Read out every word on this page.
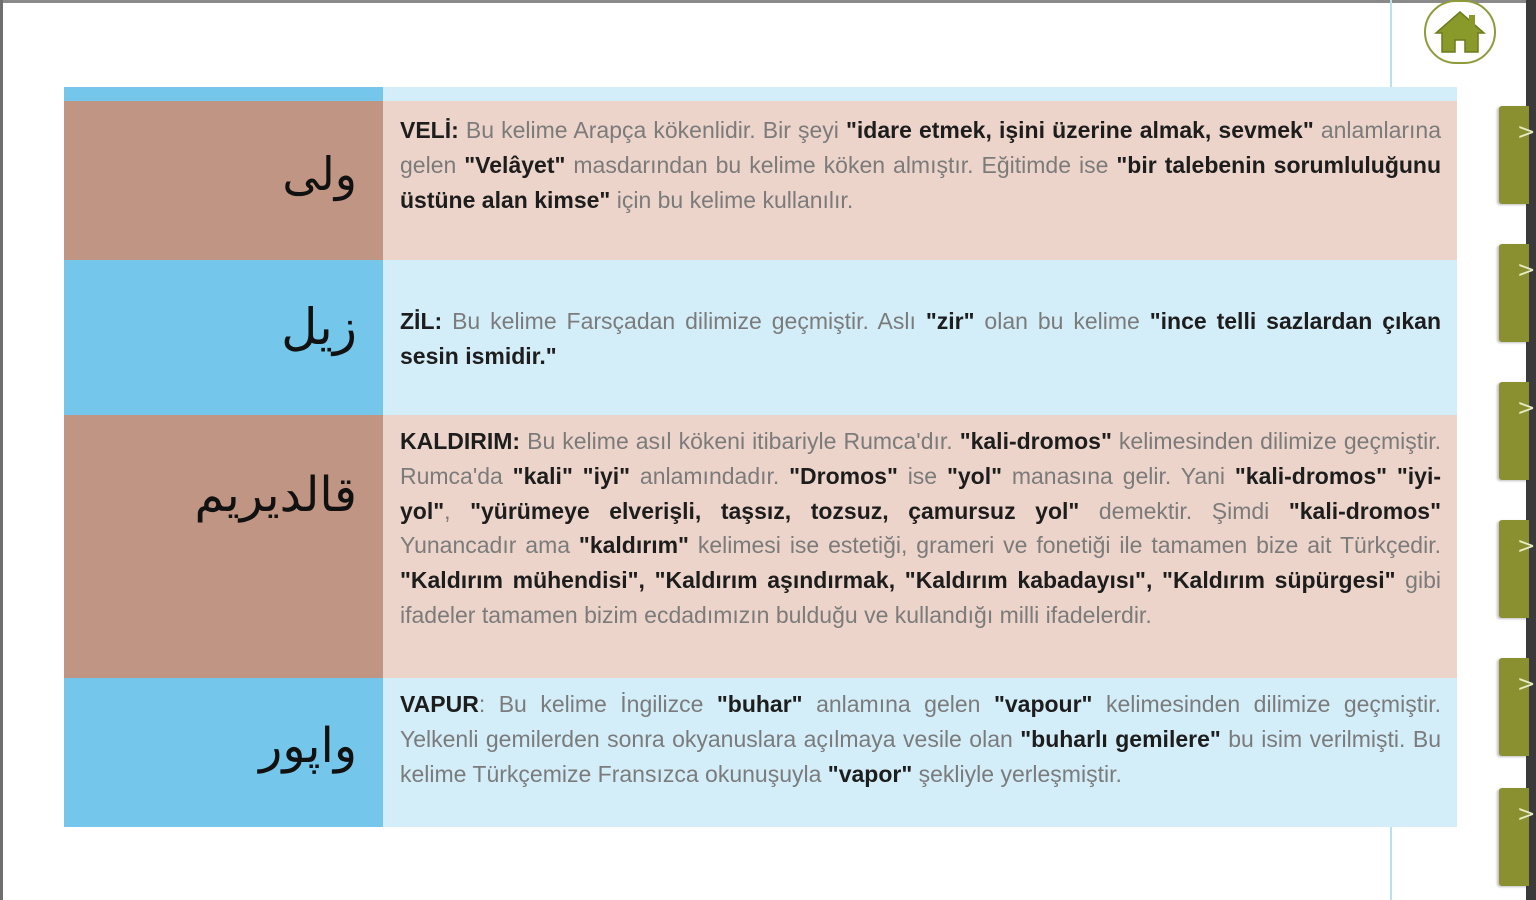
>
>
>
>
>
>
ولی
VELİ: Bu kelime Arapça kökenlidir. Bir şeyi "idare etmek, işini üzerine almak, sevmek" anlamlarına gelen "Velâyet" masdarından bu kelime köken almıştır. Eğitimde ise "bir talebenin sorumluluğunu üstüne alan kimse" için bu kelime kullanılır.
زیل	ZİL: Bu kelime Farsçadan dilimize geçmiştir. Aslı "zir" olan bu kelime "ince telli sazlardan çıkan sesin ismidir."
قالدیریم
KALDIRIM: Bu kelime asıl kökeni itibariyle Rumca'dır. "kali-dromos" kelimesinden dilimize geçmiştir. Rumca'da "kali" "iyi" anlamındadır. "Dromos" ise "yol" manasına gelir. Yani "kali-dromos" "iyi-yol", "yürümeye elverişli, taşsız, tozsuz, çamursuz yol" demektir. Şimdi "kali-dromos" Yunancadır ama "kaldırım" kelimesi ise estetiği, grameri ve fonetiği ile tamamen bize ait Türkçedir. "Kaldırım mühendisi", "Kaldırım aşındırmak, "Kaldırım kabadayısı", "Kaldırım süpürgesi" gibi ifadeler tamamen bizim ecdadımızın bulduğu ve kullandığı milli ifadelerdir.
واپور
VAPUR: Bu kelime İngilizce "buhar" anlamına gelen "vapour" kelimesinden dilimize geçmiştir. Yelkenli gemilerden sonra okyanuslara açılmaya vesile olan "buharlı gemilere" bu isim verilmişti. Bu kelime Türkçemize Fransızca okunuşuyla "vapor" şekliyle yerleşmiştir.
